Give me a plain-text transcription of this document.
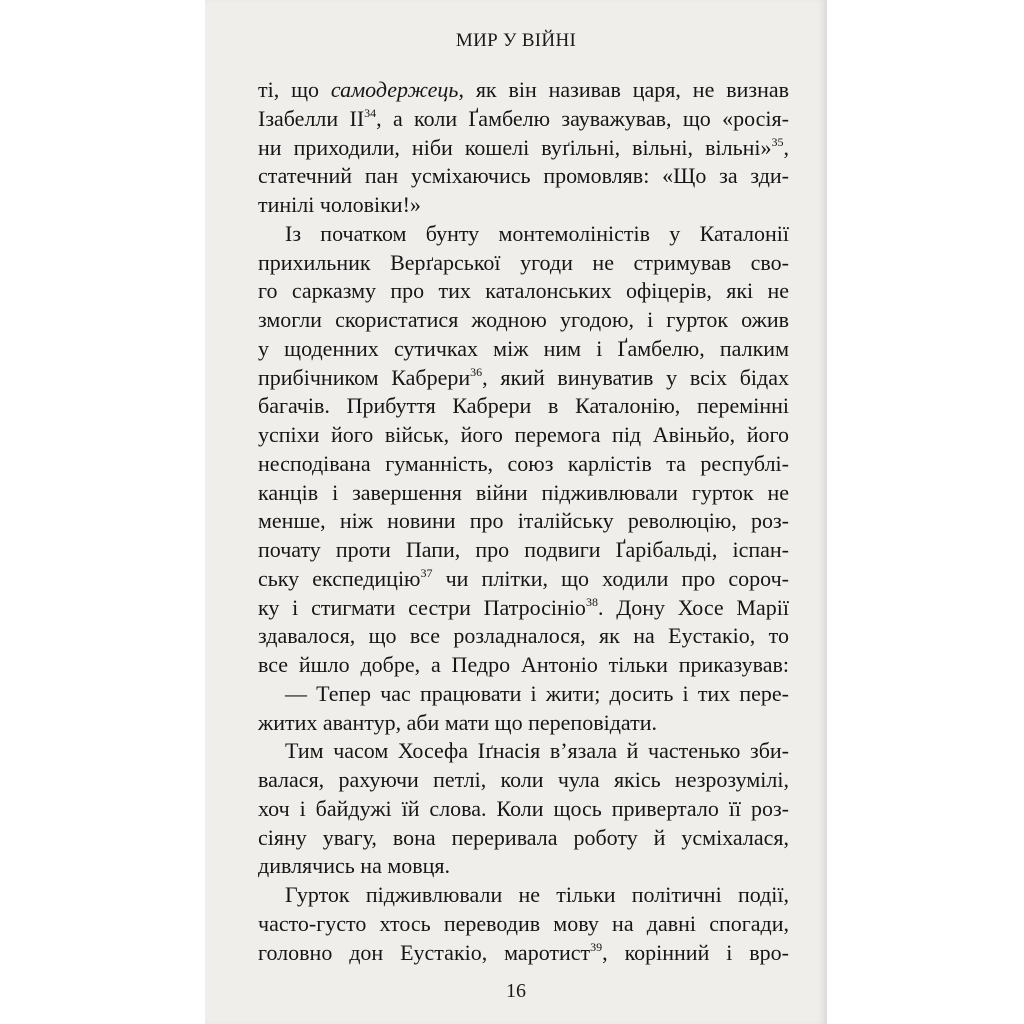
МИР У ВІЙНІ
ті, що самодержець, як він називав царя, не визнав
Ізабелли II$^{34}$, а коли Ґамбелю зауважував, що «росія-
ни приходили, ніби кошелі вуґільні, вільні, вільні»$^{35}$,
статечний пан усміхаючись промовляв: «Що за зди-
тинілі чоловіки!»
Із початком бунту монтемоліністів у Каталонії
прихильник Верґарської угоди не стримував сво-
го сарказму про тих каталонських офіцерів, які не
змогли скористатися жодною угодою, і гурток ожив
у щоденних сутичках між ним і Ґамбелю, палким
прибічником Кабрери$^{36}$, який винуватив у всіх бідах
багачів. Прибуття Кабрери в Каталонію, перемінні
успіхи його військ, його перемога під Авіньйо, його
несподівана гуманність, союз карлістів та республі-
канців і завершення війни підживлювали гурток не
менше, ніж новини про італійську революцію, роз-
почату проти Папи, про подвиги Ґарібальді, іспан-
ську експедицію$^{37}$ чи плітки, що ходили про сороч-
ку і стигмати сестри Патросініо$^{38}$. Дону Хосе Марії
здавалося, що все розладналося, як на Еустакіо, то
все йшло добре, а Педро Антоніо тільки приказував:
— Тепер час працювати і жити; досить і тих пере-
житих авантур, аби мати що переповідати.
Тим часом Хосефа Іґнасія в’язала й частенько зби-
валася, рахуючи петлі, коли чула якісь незрозумілі,
хоч і байдужі їй слова. Коли щось привертало її роз-
сіяну увагу, вона переривала роботу й усміхалася,
дивлячись на мовця.
Гурток підживлювали не тільки політичні події,
часто-густо хтось переводив мову на давні спогади,
головно дон Еустакіо, маротист$^{39}$, корінний і вро-
16
